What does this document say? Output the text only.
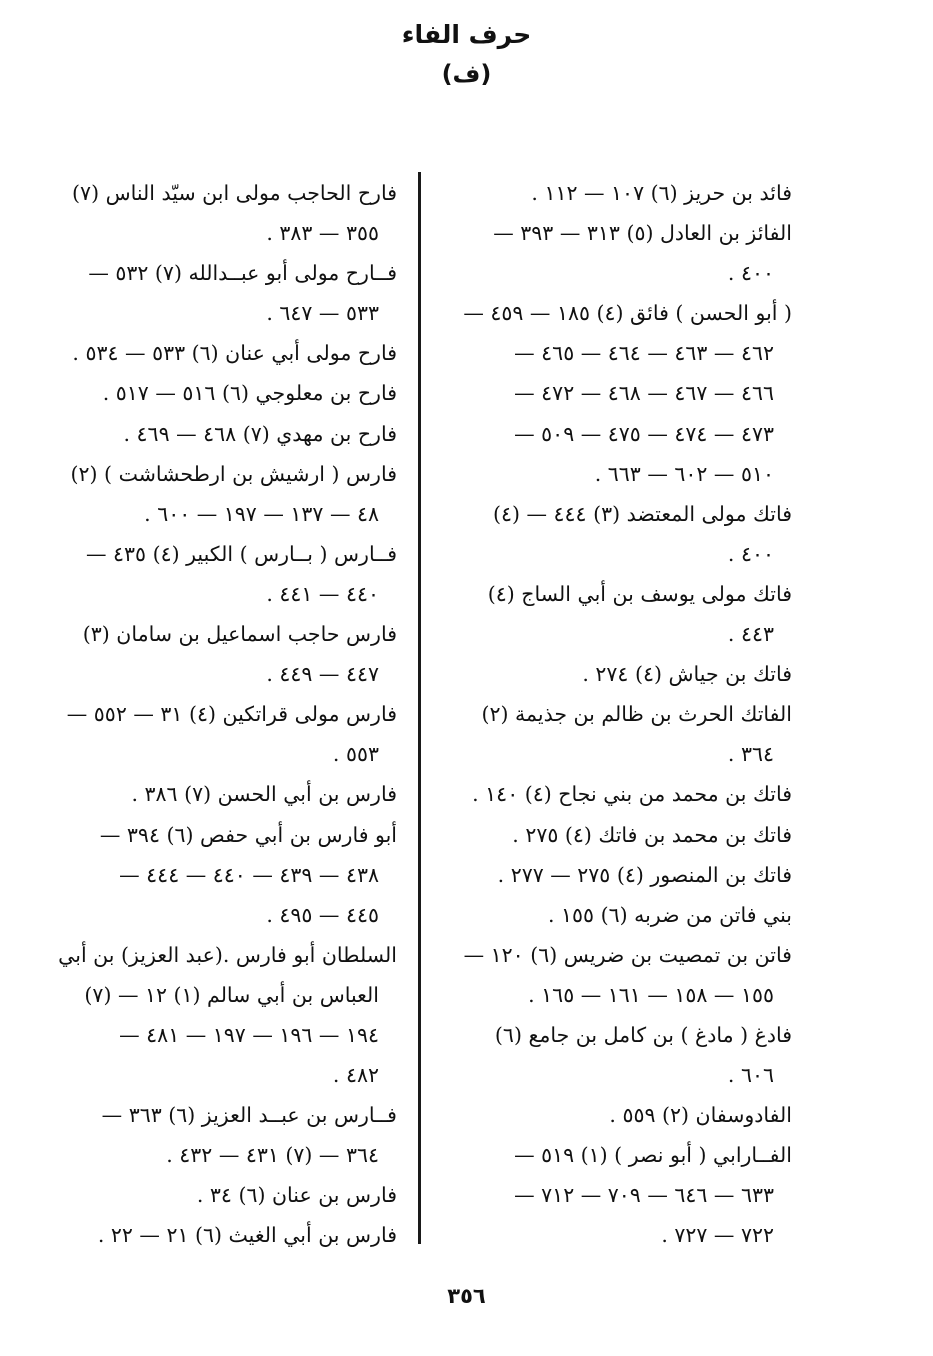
حرف الفاء
(ف)
فائد بن حريز (٦) ١٠٧ — ١١٢ .
الفائز بن العادل (٥) ٣١٣ — ٣٩٣ —
٤٠٠ .
( أبو الحسن ) فائق (٤) ١٨٥ — ٤٥٩ —
٤٦٢ — ٤٦٣ — ٤٦٤ — ٤٦٥ —
٤٦٦ — ٤٦٧ — ٤٦٨ — ٤٧٢ —
٤٧٣ — ٤٧٤ — ٤٧٥ — ٥٠٩ —
٥١٠ — ٦٠٢ — ٦٦٣ .
فاتك مولى المعتضد (٣) ٤٤٤ — (٤)
٤٠٠ .
فاتك مولى يوسف بن أبي الساج (٤)
٤٤٣ .
فاتك بن جياش (٤) ٢٧٤ .
الفاتك الحرث بن ظالم بن جذيمة (٢)
٣٦٤ .
فاتك بن محمد من بني نجاح (٤) ١٤٠ .
فاتك بن محمد بن فاتك (٤) ٢٧٥ .
فاتك بن المنصور (٤) ٢٧٥ — ٢٧٧ .
بني فاتن من ضربه (٦) ١٥٥ .
فاتن بن تمصيت بن ضريس (٦) ١٢٠ —
١٥٥ — ١٥٨ — ١٦١ — ١٦٥ .
فادغ ( مادغ ) بن كامل بن جامع (٦)
٦٠٦ .
الفادوسفان (٢) ٥٥٩ .
الفــارابي ( أبو نصر ) (١) ٥١٩ —
٦٣٣ — ٦٤٦ — ٧٠٩ — ٧١٢ —
٧٢٢ — ٧٢٧ .
فارح الحاجب مولى ابن سيّد الناس (٧)
٣٥٥ — ٣٨٣ .
فــارح مولى أبو عبــدالله (٧) ٥٣٢ —
٥٣٣ — ٦٤٧ .
فارح مولى أبي عنان (٦) ٥٣٣ — ٥٣٤ .
فارح بن معلوجي (٦) ٥١٦ — ٥١٧ .
فارح بن مهدي (٧) ٤٦٨ — ٤٦٩ .
فارس ( ارشيش بن ارطحشاشت ) (٢)
٤٨ — ١٣٧ — ١٩٧ — ٦٠٠ .
فــارس ( بــارس ) الكبير (٤) ٤٣٥ —
٤٤٠ — ٤٤١ .
فارس حاجب اسماعيل بن سامان (٣)
٤٤٧ — ٤٤٩ .
فارس مولى قراتكين (٤) ٣١ — ٥٥٢ —
٥٥٣ .
فارس بن أبي الحسن (٧) ٣٨٦ .
أبو فارس بن أبي حفص (٦) ٣٩٤ —
٤٣٨ — ٤٣٩ — ٤٤٠ — ٤٤٤ —
٤٤٥ — ٤٩٥ .
السلطان أبو فارس .(عبد العزيز) بن أبي
العباس بن أبي سالم (١) ١٢ — (٧)
١٩٤ — ١٩٦ — ١٩٧ — ٤٨١ —
٤٨٢ .
فــارس بن عبــد العزيز (٦) ٣٦٣ —
٣٦٤ — (٧) ٤٣١ — ٤٣٢ .
فارس بن عنان (٦) ٣٤ .
فارس بن أبي الغيث (٦) ٢١ — ٢٢ .
٣٥٦
